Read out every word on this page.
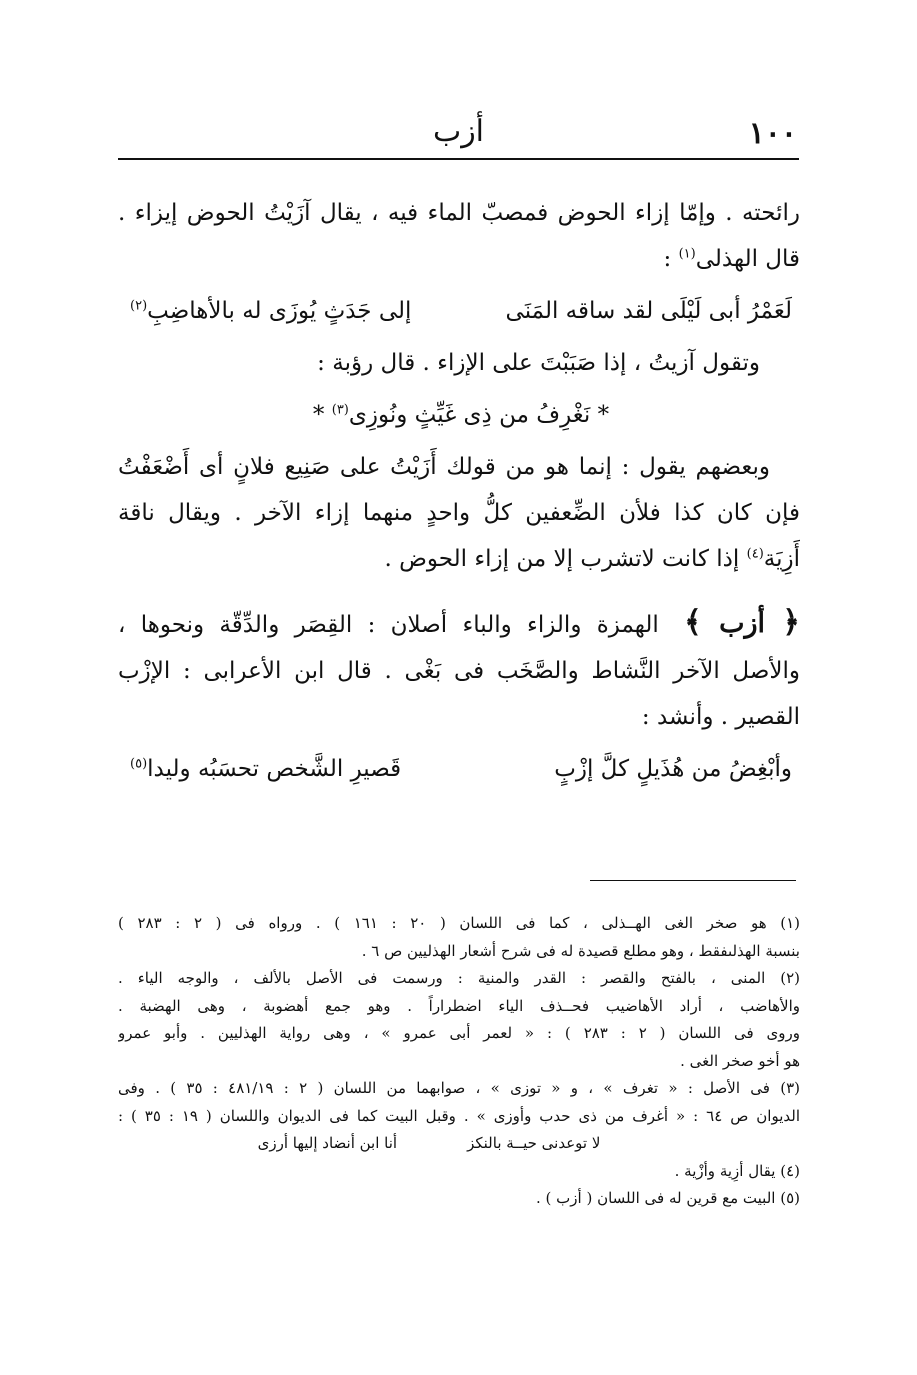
١٠٠
أزب
رائحته . وإمّا إزاء الحوض فمصبّ الماء فيه ، يقال آزَيْتُ الحوض إيزاء .
قال الهذلى$^{(١)}$ :
لَعَمْرُ أبى لَيْلَى لقد ساقه المَنَى
إلى جَدَثٍ يُوزَى له بالأهاضِبِ$^{(٢)}$
وتقول آزيتُ ، إذا صَبَبْتَ على الإزاء . قال رؤبة :
* نَغْرِفُ من ذِى غَيِّثٍ ونُوزِى$^{(٣)}$ *
وبعضهم يقول : إنما هو من قولك أَزَيْتُ على صَنِيع فلانٍ أى أَضْعَفْتُ
فإن كان كذا فلأن الضِّعفين كلُّ واحدٍ منهما إزاء الآخر . ويقال ناقة
أَزِيَة$^{(٤)}$ إذا كانت لاتشرب إلا من إزاء الحوض .
﴿ أزب ﴾ الهمزة والزاء والباء أصلان : القِصَر والدِّقّة ونحوها ،
والأصل الآخر النَّشاط والصَّخَب فى بَغْى . قال ابن الأعرابى : الإزْب
القصير . وأنشد :
وأبْغِضُ من هُذَيلٍ كلَّ إزْبٍ
قَصيرِ الشَّخص تحسَبُه وليدا$^{(٥)}$
(١) هو صخر الغى الهــذلى ، كما فى اللسان ( ٢٠ : ١٦١ ) . ورواه فى ( ٢ : ٢٨٣ )
بنسبة الهذلىفقط ، وهو مطلع قصيدة له فى شرح أشعار الهذليين ص ٦ .
(٢) المنى ، بالفتح والقصر : القدر والمنية : ورسمت فى الأصل بالألف ، والوجه الياء .
والأهاضب ، أراد الأهاضيب فحــذف الياء اضطراراً . وهو جمع أهضوبة ، وهى الهضبة .
وروى فى اللسان ( ٢ : ٢٨٣ ) : « لعمر أبى عمرو » ، وهى رواية الهذليين . وأبو عمرو
هو أخو صخر الغى .
(٣) فى الأصل : « تغرف » ، و « توزى » ، صوابهما من اللسان ( ٢ : ٤٨١/١٩ : ٣٥ ) . وفى
الديوان ص ٦٤ : « أغرف من ذى حدب وأوزى » . وقبل البيت كما فى الديوان واللسان ( ١٩ : ٣٥ ) :
لا توعدنى حيــة بالنكز
أنا ابن أنضاد إليها أرزى
(٤) يقال أزِية وأزْية .
(٥) البيت مع قرين له فى اللسان ( أزب ) .
